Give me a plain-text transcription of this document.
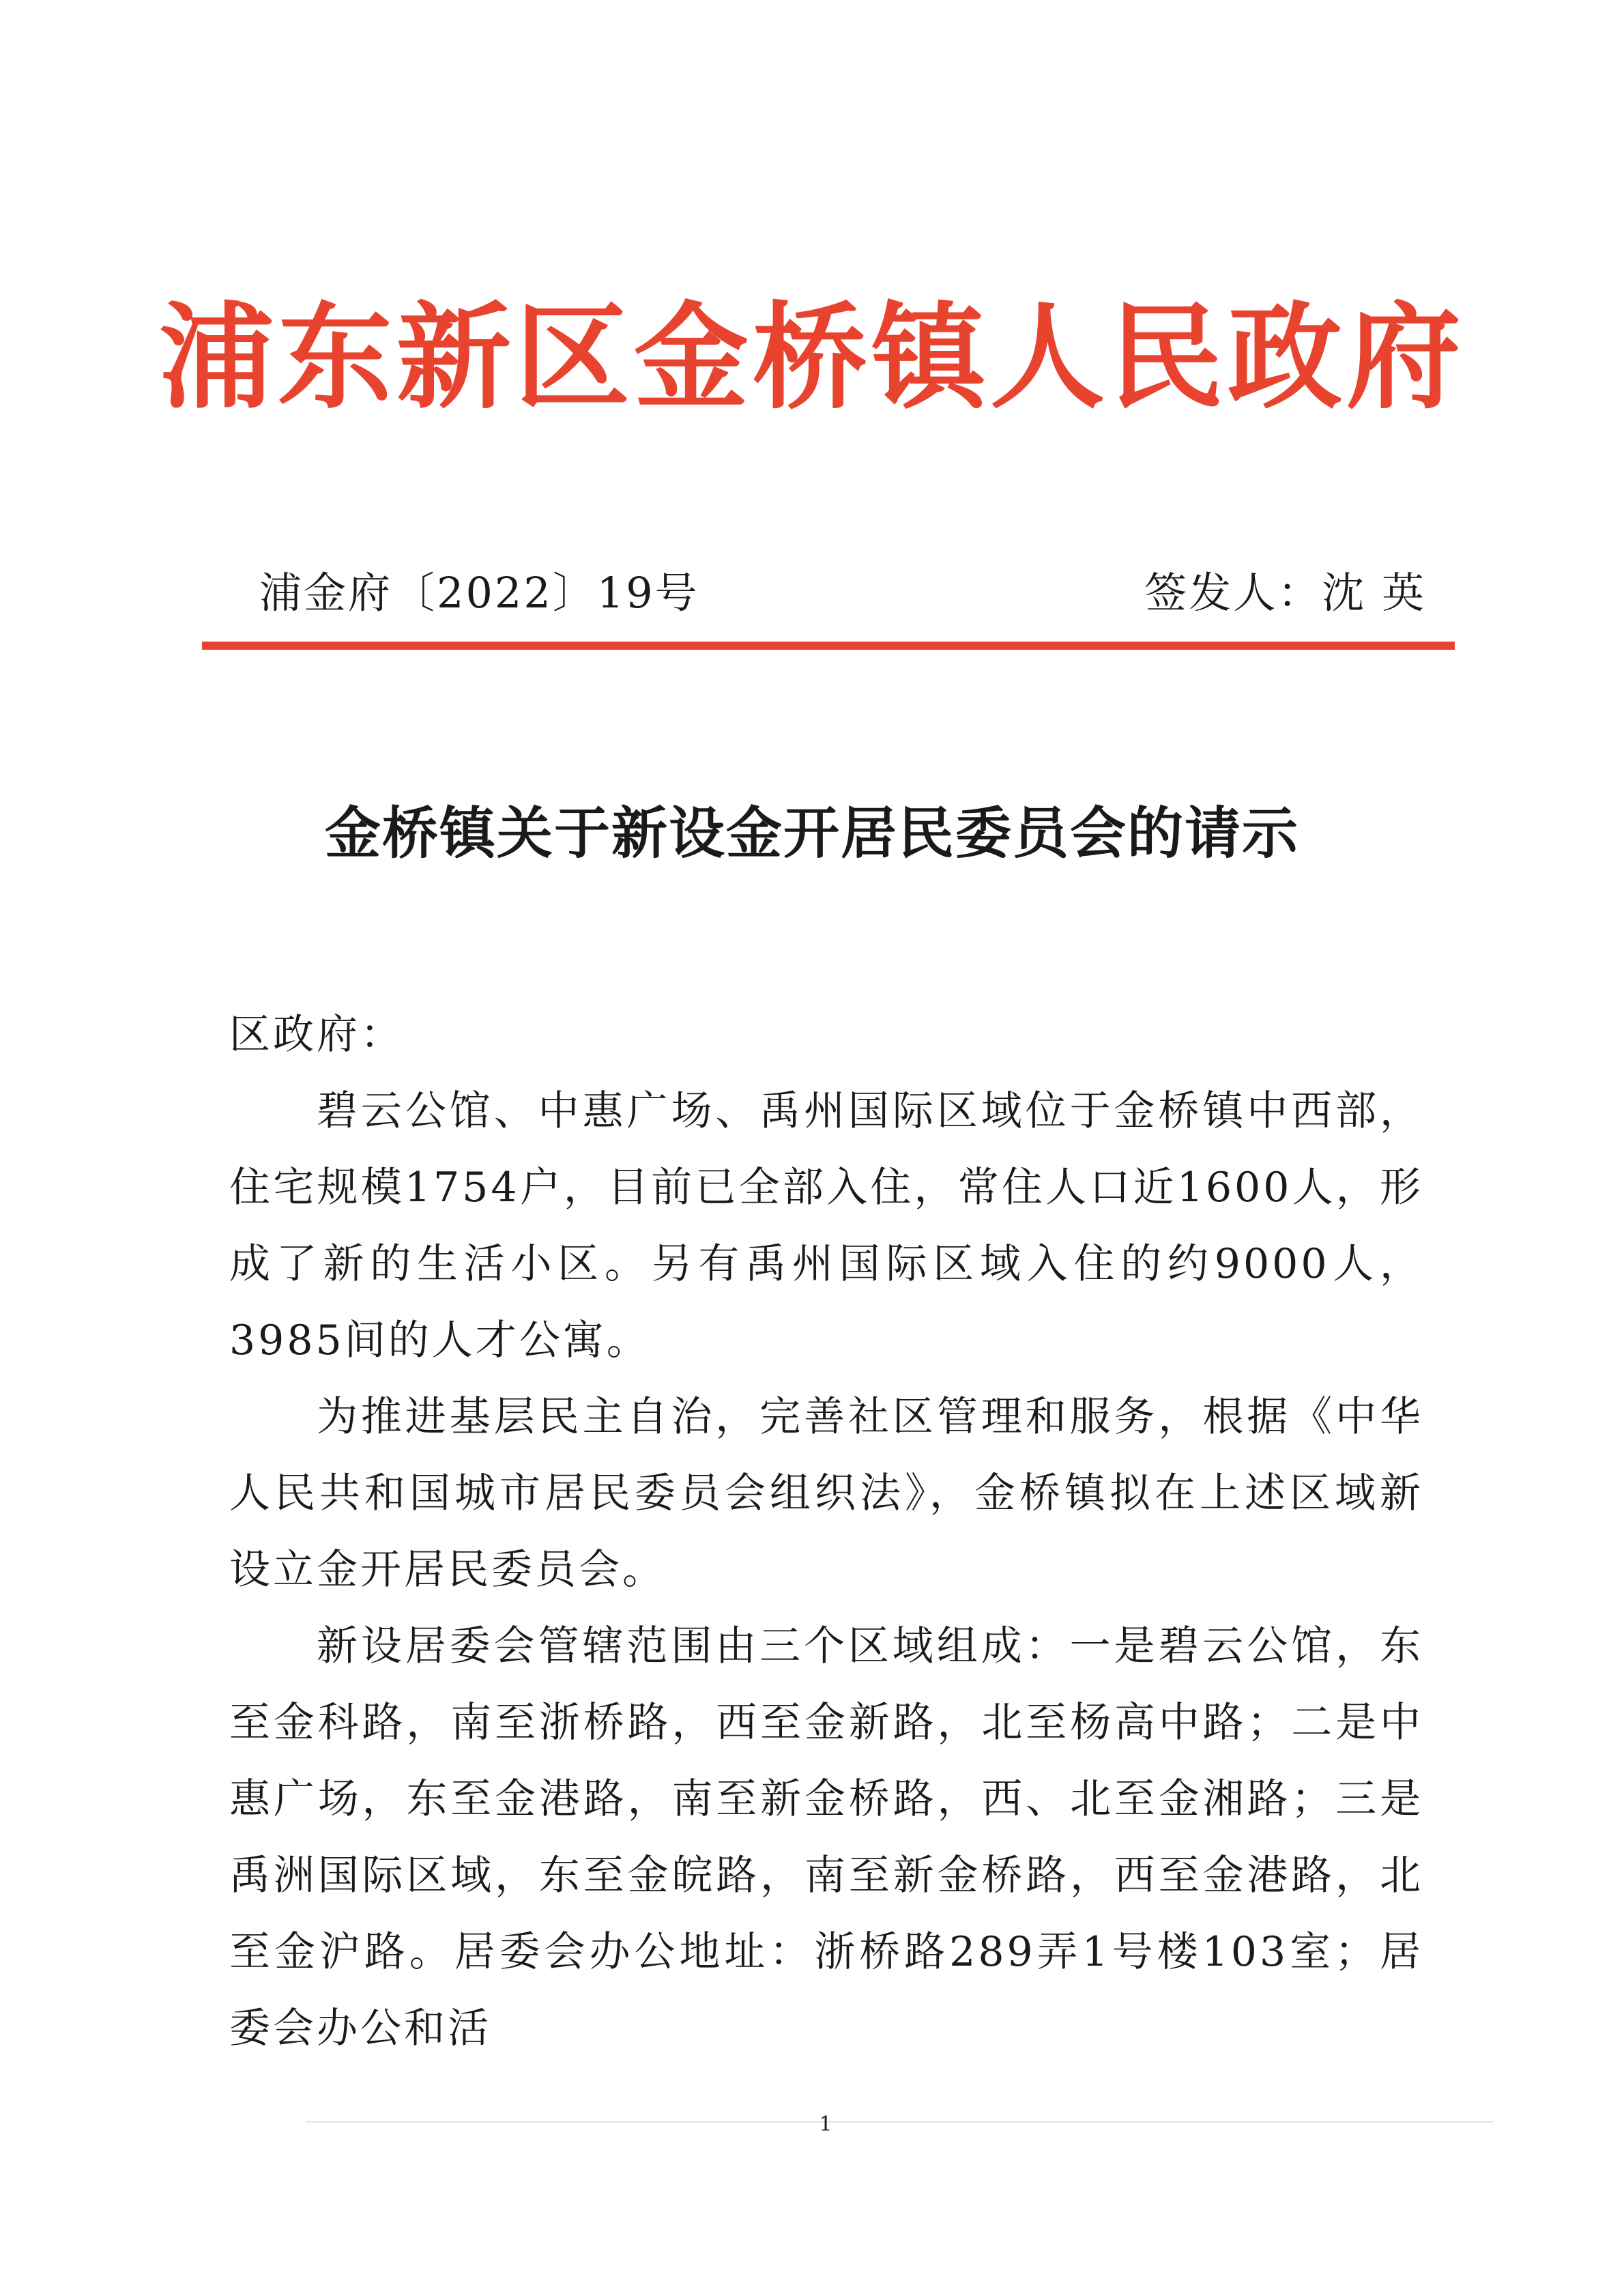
浦东新区金桥镇人民政府
浦金府〔2022〕19号	签发人：沈 英
金桥镇关于新设金开居民委员会的请示

区政府：

碧云公馆、中惠广场、禹州国际区域位于金桥镇中西部，住宅规模1754户，目前已全部入住，常住人口近1600人，形成了新的生活小区。另有禹州国际区域入住的约9000人，3985间的人才公寓。

为推进基层民主自治，完善社区管理和服务，根据《中华人民共和国城市居民委员会组织法》，金桥镇拟在上述区域新设立金开居民委员会。

新设居委会管辖范围由三个区域组成：一是碧云公馆，东至金科路，南至浙桥路，西至金新路，北至杨高中路；二是中惠广场，东至金港路，南至新金桥路，西、北至金湘路；三是禹洲国际区域，东至金皖路，南至新金桥路，西至金港路，北至金沪路。居委会办公地址：浙桥路289弄1号楼103室；居委会办公和活

1
